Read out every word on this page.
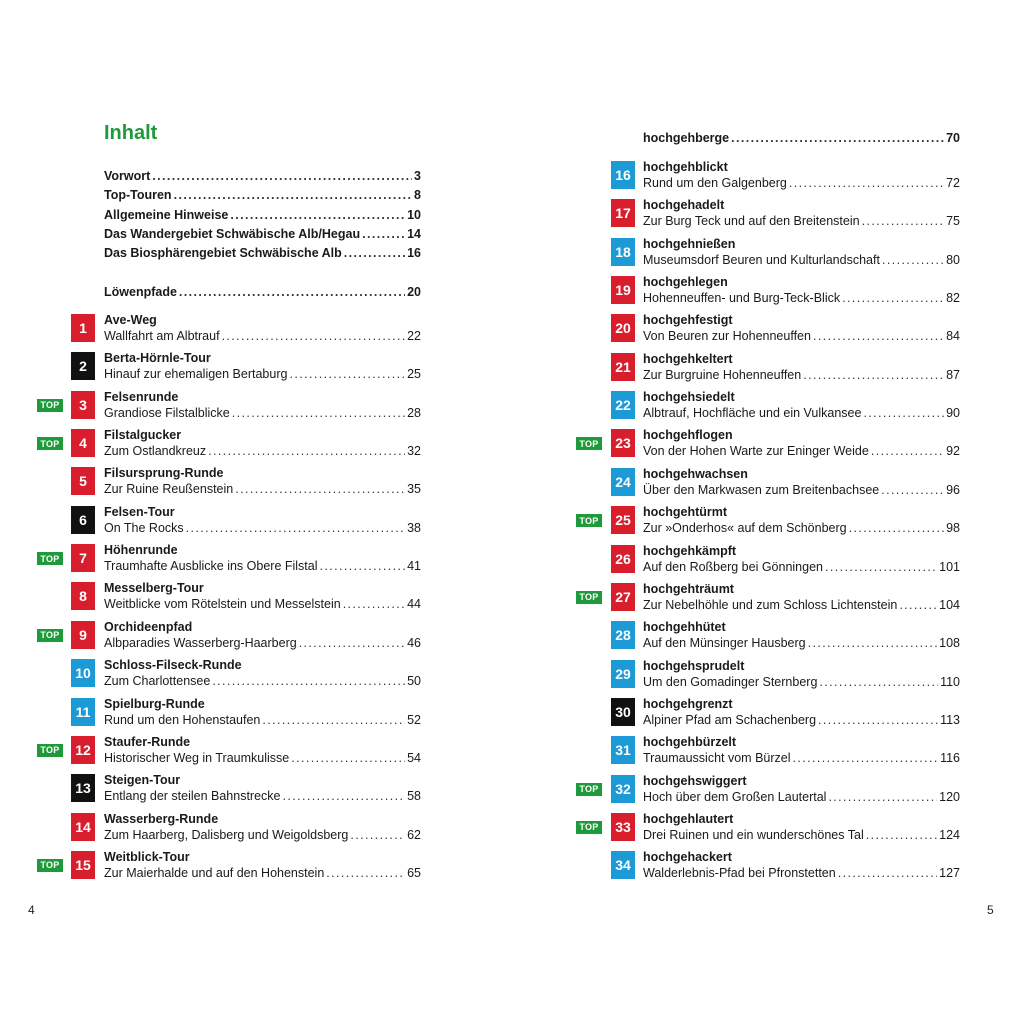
Inhalt
Vorwort .....	3
Top-Touren .....	8
Allgemeine Hinweise .....	10
Das Wandergebiet Schwäbische Alb/Hegau .....	14
Das Biosphärengebiet Schwäbische Alb .....	16
Löwenpfade .....	20
1	Ave-Weg
Wallfahrt am Albtrauf .....	22
2	Berta-Hörnle-Tour
Hinauf zur ehemaligen Bertaburg .....	25
TOP	3	Felsenrunde
Grandiose Filstalblicke .....	28
TOP	4	Filstalgucker
Zum Ostlandkreuz .....	32
5	Filsursprung-Runde
Zur Ruine Reußenstein .....	35
6	Felsen-Tour
On The Rocks .....	38
TOP	7	Höhenrunde
Traumhafte Ausblicke ins Obere Filstal .....	41
8	Messelberg-Tour
Weitblicke vom Rötelstein und Messelstein .....	44
TOP	9	Orchideenpfad
Albparadies Wasserberg-Haarberg .....	46
10	Schloss-Filseck-Runde
Zum Charlottensee .....	50
11	Spielburg-Runde
Rund um den Hohenstaufen .....	52
TOP	12	Staufer-Runde
Historischer Weg in Traumkulisse .....	54
13	Steigen-Tour
Entlang der steilen Bahnstrecke .....	58
14	Wasserberg-Runde
Zum Haarberg, Dalisberg und Weigoldsberg .....	62
TOP	15	Weitblick-Tour
Zur Maierhalde und auf den Hohenstein .....	65
4
hochgehberge .....	70
16 hochgehblickt
Rund um den Galgenberg .....	72
17 hochgehadelt
Zur Burg Teck und auf den Breitenstein .....	75
18 hochgehnießen
Museumsdorf Beuren und Kulturlandschaft .....	80
19 hochgehlegen
Hohenneuffen- und Burg-Teck-Blick .....	82
20 hochgehfestigt
Von Beuren zur Hohenneuffen .....	84
21 hochgehkeltert
Zur Burgruine Hohenneuffen .....	87
22 hochgehsiedelt
Albtrauf, Hochfläche und ein Vulkansee .....	90
TOP	23 hochgehflogen
Von der Hohen Warte zur Eninger Weide .....	92
24 hochgehwachsen
Über den Markwasen zum Breitenbachsee .....	96
TOP	25 hochgehtürmt
Zur »Onderhos« auf dem Schönberg .....	98
26 hochgehkämpft
Auf den Roßberg bei Gönningen .....	101
TOP	27 hochgehträumt
Zur Nebelhöhle und zum Schloss Lichtenstein .....	104
28 hochgehhütet
Auf den Münsinger Hausberg .....	108
29 hochgehsprudelt
Um den Gomadinger Sternberg .....	110
30 hochgehgrenzt
Alpiner Pfad am Schachenberg .....	113
31 hochgehbürzelt
Traumaussicht vom Bürzel .....	116
TOP	32 hochgehswiggert
Hoch über dem Großen Lautertal .....	120
TOP	33 hochgehlautert
Drei Ruinen und ein wunderschönes Tal .....	124
34 hochgehackert
Walderlebnis-Pfad bei Pfronstetten .....	127
5
